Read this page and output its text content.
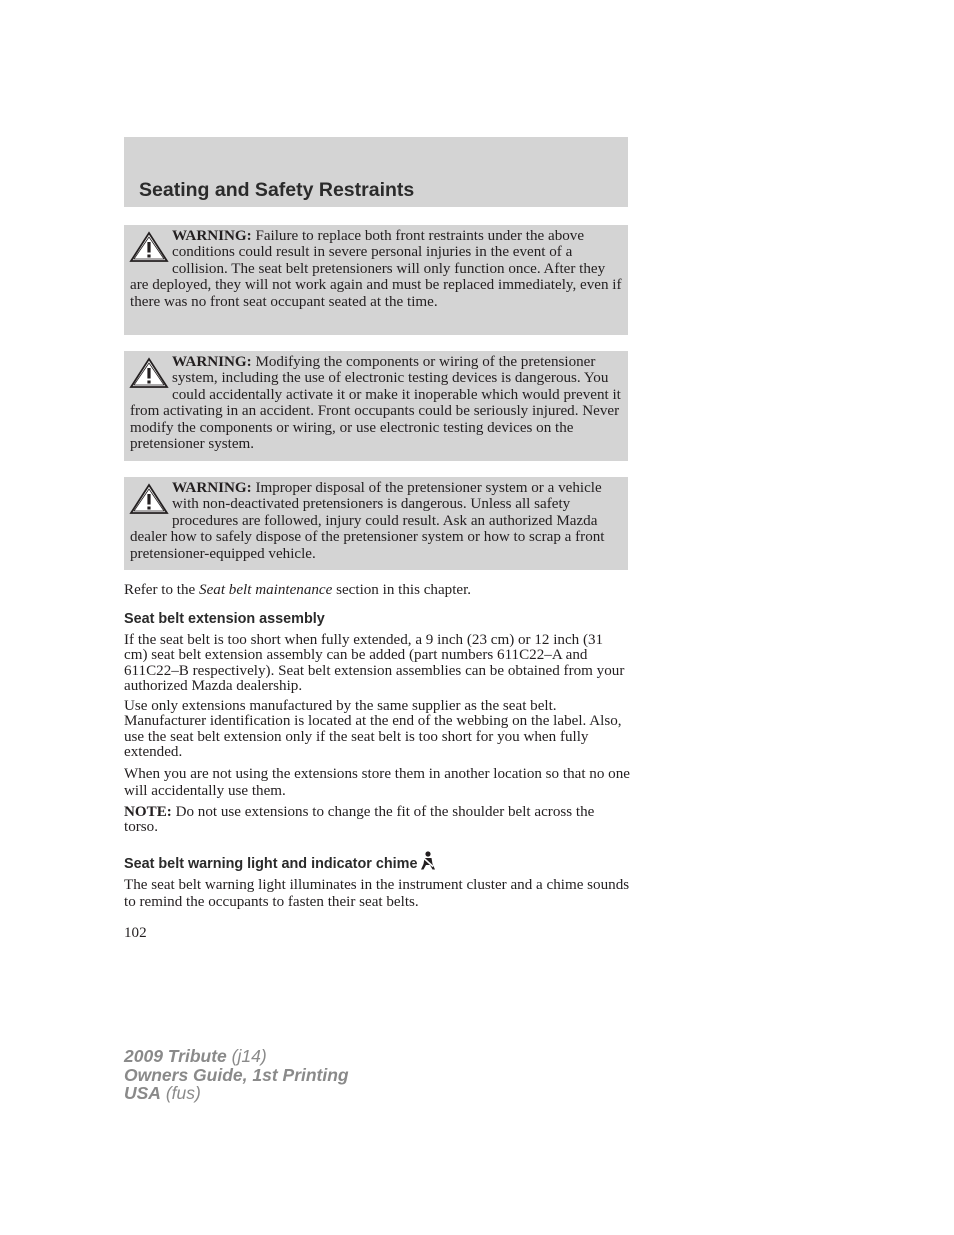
Seating and Safety Restraints
WARNING: Failure to replace both front restraints under the above conditions could result in severe personal injuries in the event of a collision. The seat belt pretensioners will only function once. After they are deployed, they will not work again and must be replaced immediately, even if there was no front seat occupant seated at the time.
WARNING: Modifying the components or wiring of the pretensioner system, including the use of electronic testing devices is dangerous. You could accidentally activate it or make it inoperable which would prevent it from activating in an accident. Front occupants could be seriously injured. Never modify the components or wiring, or use electronic testing devices on the pretensioner system.
WARNING: Improper disposal of the pretensioner system or a vehicle with non-deactivated pretensioners is dangerous. Unless all safety procedures are followed, injury could result. Ask an authorized Mazda dealer how to safely dispose of the pretensioner system or how to scrap a front pretensioner-equipped vehicle.

Refer to the Seat belt maintenance section in this chapter.

Seat belt extension assembly

If the seat belt is too short when fully extended, a 9 inch (23 cm) or 12 inch (31 cm) seat belt extension assembly can be added (part numbers 611C22–A and 611C22–B respectively). Seat belt extension assemblies can be obtained from your authorized Mazda dealership.

Use only extensions manufactured by the same supplier as the seat belt. Manufacturer identification is located at the end of the webbing on the label. Also, use the seat belt extension only if the seat belt is too short for you when fully extended.

When you are not using the extensions store them in another location so that no one will accidentally use them.

NOTE: Do not use extensions to change the fit of the shoulder belt across the torso.

Seat belt warning light and indicator chime

The seat belt warning light illuminates in the instrument cluster and a chime sounds to remind the occupants to fasten their seat belts.

102
2009 Tribute (j14)
Owners Guide, 1st Printing
USA (fus)
